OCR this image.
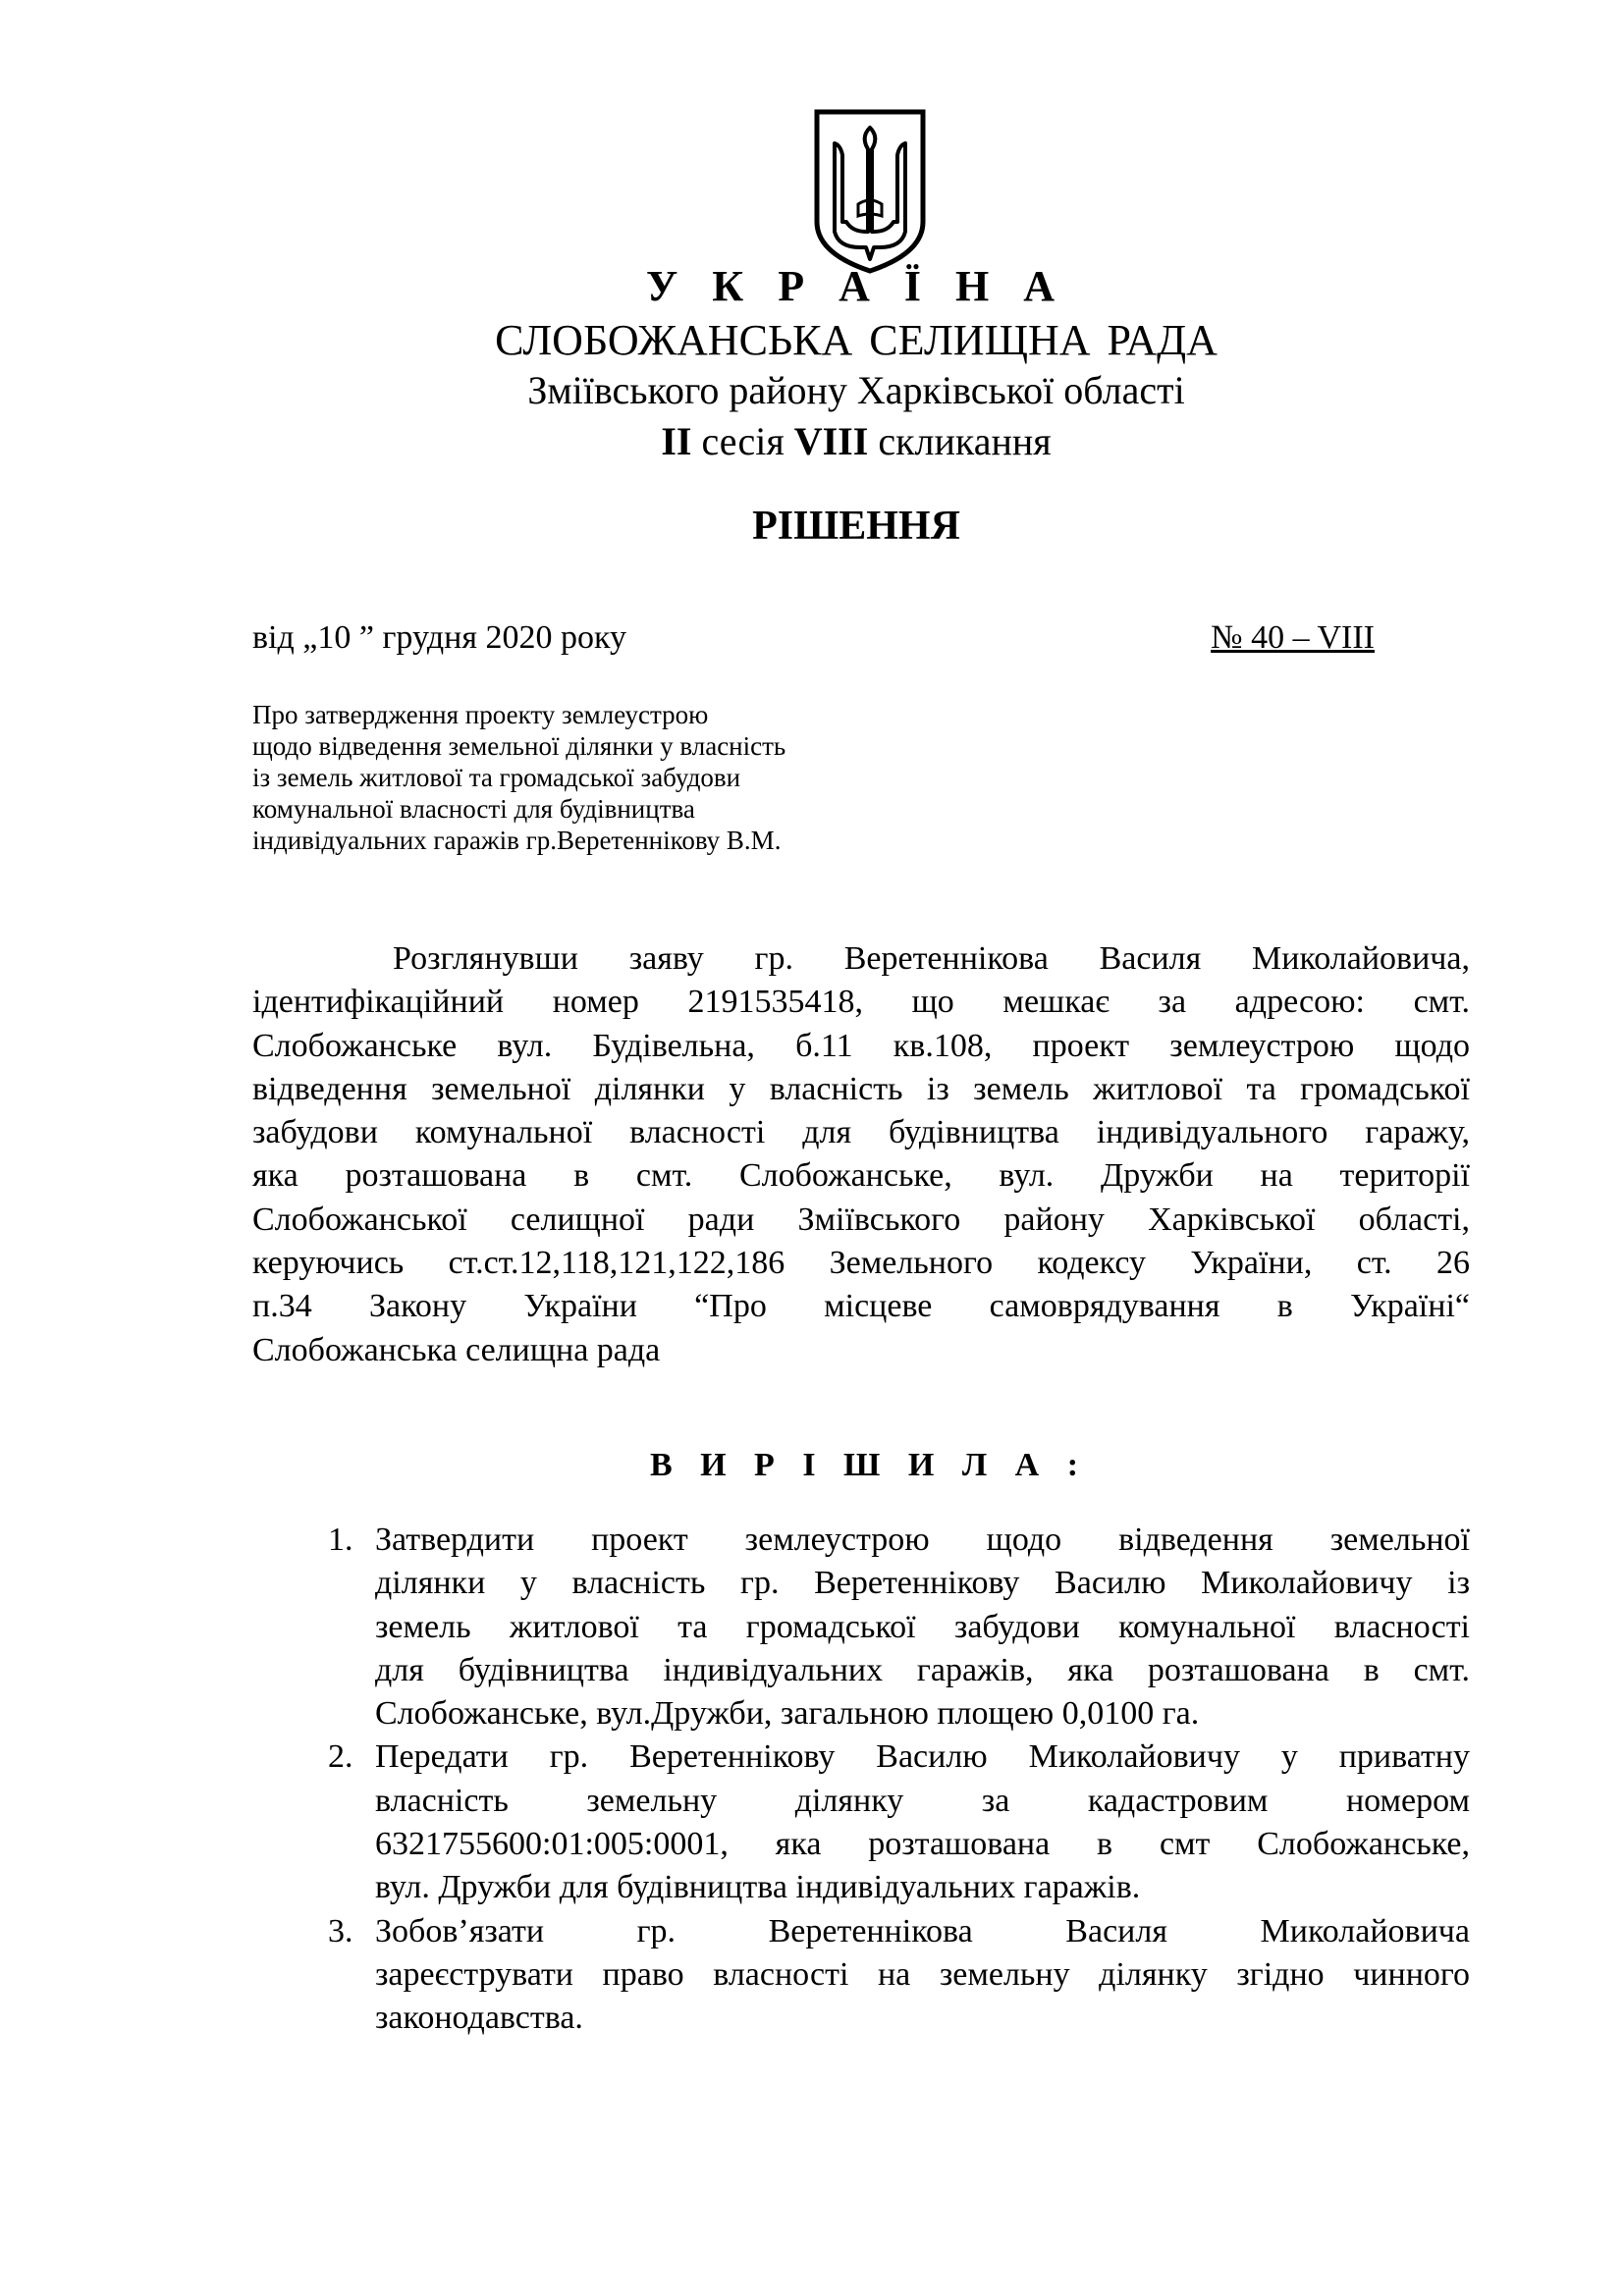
У К Р А Ї Н А
СЛОБОЖАНСЬКА СЕЛИЩНА РАДА
Зміївського району Харківської області
ІІ сесія VIII скликання
РІШЕННЯ
від „10 ” грудня 2020 року	№ 40 – VIII
Про затвердження проекту землеустрою
щодо відведення земельної ділянки у власність
із земель житлової та громадської забудови
комунальної власності для будівництва
індивідуальних гаражів гр.Веретеннікову В.М.
Розглянувши заяву гр. Веретеннікова Василя Миколайовича,
ідентифікаційний номер 2191535418, що мешкає за адресою: смт.
Слобожанське вул. Будівельна, б.11 кв.108, проект землеустрою щодо
відведення земельної ділянки у власність із земель житлової та громадської
забудови комунальної власності для будівництва індивідуального гаражу,
яка розташована в смт. Слобожанське, вул. Дружби на території
Слобожанської селищної ради Зміївського району Харківської області,
керуючись ст.ст.12,118,121,122,186 Земельного кодексу України, ст. 26
п.34 Закону України “Про місцеве самоврядування в Україні“
Слобожанська селищна рада
В И Р І Ш И Л А :
1. Затвердити проект землеустрою щодо відведення земельної
ділянки у власність гр. Веретеннікову Василю Миколайовичу із
земель житлової та громадської забудови комунальної власності
для будівництва індивідуальних гаражів, яка розташована в смт.
Слобожанське, вул.Дружби, загальною площею 0,0100 га.
2. Передати гр. Веретеннікову Василю Миколайовичу у приватну
власність земельну ділянку за кадастровим номером
6321755600:01:005:0001, яка розташована в смт Слобожанське,
вул. Дружби для будівництва індивідуальних гаражів.
3. Зобов’язати гр. Веретеннікова Василя Миколайовича
зареєструвати право власності на земельну ділянку згідно чинного
законодавства.
